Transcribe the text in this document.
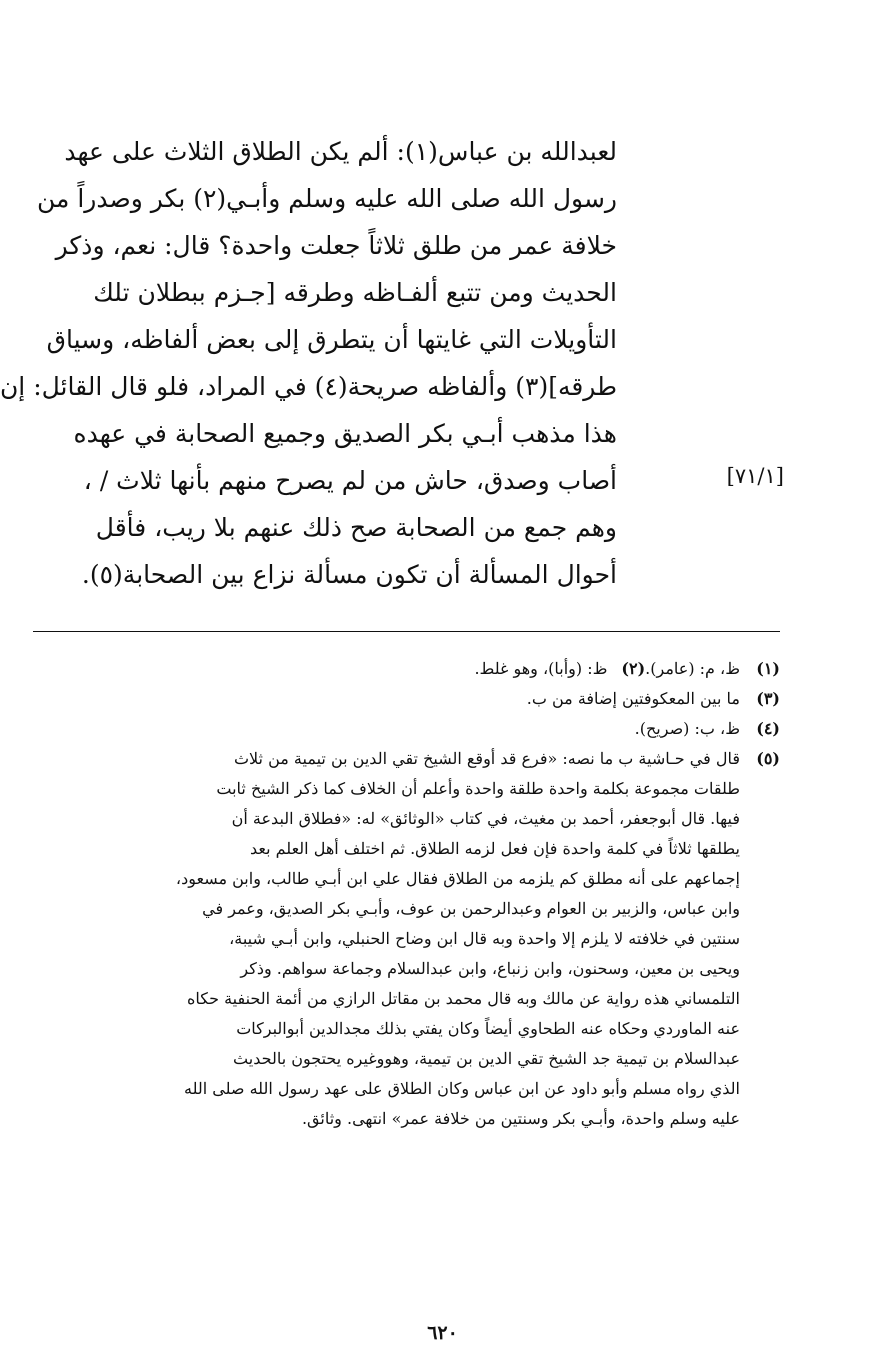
لعبدالله بن عباس(١): ألم يكن الطلاق الثلاث على عهد
رسول الله صلى الله عليه وسلم وأبـي(٢) بكر وصدراً من
خلافة عمر من طلق ثلاثاً جعلت واحدة؟ قال: نعم، وذكر
الحديث ومن تتبع ألفـاظه وطرقه [جـزم ببطلان تلك
التأويلات التي غايتها أن يتطرق إلى بعض ألفاظه، وسياق
طرقه](٣) وألفاظه صريحة(٤) في المراد، فلو قال القائل: إن
هذا مذهب أبـي بكر الصديق وجميع الصحابة في عهده
أصاب وصدق، حاش من لم يصرح منهم بأنها ثلاث / ،
وهم جمع من الصحابة صح ذلك عنهم بلا ريب، فأقل
أحوال المسألة أن تكون مسألة نزاع بين الصحابة(٥).
[٧١/١]
(١)
ظ، م: (عامر).
(٢)ظ: (وأبا)، وهو غلط.
(٣)
ما بين المعكوفتين إضافة من ب.
(٤)
ظ، ب: (صريح).
(٥)
قال في حـاشية ب ما نصه: «فرع قد أوقع الشيخ تقي الدين بن تيمية من ثلاث
طلقات مجموعة بكلمة واحدة طلقة واحدة وأعلم أن الخلاف كما ذكر الشيخ ثابت
فيها. قال أبوجعفر، أحمد بن مغيث، في كتاب «الوثائق» له: «فطلاق البدعة أن
يطلقها ثلاثاً في كلمة واحدة فإن فعل لزمه الطلاق. ثم اختلف أهل العلم بعد
إجماعهم على أنه مطلق كم يلزمه من الطلاق فقال علي ابن أبـي طالب، وابن مسعود،
وابن عباس، والزبير بن العوام وعبدالرحمن بن عوف، وأبـي بكر الصديق، وعمر في
سنتين في خلافته لا يلزم إلا واحدة وبه قال ابن وضاح الحنبلي، وابن أبـي شيبة،
ويحيى بن معين، وسحنون، وابن زنباع، وابن عبدالسلام وجماعة سواهم. وذكر
التلمساني هذه رواية عن مالك وبه قال محمد بن مقاتل الرازي من أئمة الحنفية حكاه
عنه الماوردي وحكاه عنه الطحاوي أيضاً وكان يفتي بذلك مجدالدين أبوالبركات
عبدالسلام بن تيمية جد الشيخ تقي الدين بن تيمية، وهووغيره يحتجون بالحديث
الذي رواه مسلم وأبو داود عن ابن عباس وكان الطلاق على عهد رسول الله صلى الله
عليه وسلم واحدة، وأبـي بكر وسنتين من خلافة عمر» انتهى. وثائق.
٦٢٠
